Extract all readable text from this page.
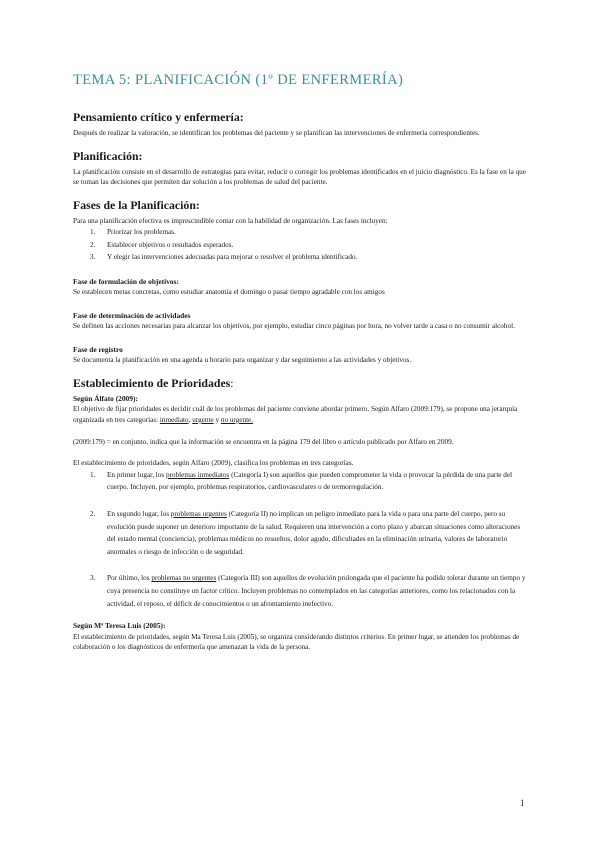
TEMA 5: PLANIFICACIÓN (1º DE ENFERMERÍA)
Pensamiento crítico y enfermería:

Después de realizar la valoración, se identifican los problemas del paciente y se planifican las intervenciones de enfermería correspondientes.

Planificación:

La planificación consiste en el desarrollo de estrategias para evitar, reducir o corregir los problemas identificados en el juicio diagnóstico. Es la fase en la que se toman las decisiones que permiten dar solución a los problemas de salud del paciente.

Fases de la Planificación:

Para una planificación efectiva es imprescindible contar con la habilidad de organización. Las fases incluyen:

1. Priorizar los problemas.
2. Establecer objetivos o resultados esperados.
3. Y elegir las intervenciones adecuadas para mejorar o resolver el problema identificado.

Fase de formulación de objetivos:

Se establecen metas concretas, como estudiar anatomía el domingo o pasar tiempo agradable con los amigos

Fase de determinación de actividades

Se definen las acciones necesarias para alcanzar los objetivos, por ejemplo, estudiar cinco páginas por hora, no volver tarde a casa o no consumir alcohol.

Fase de registro

Se documenta la planificación en una agenda u horario para organizar y dar seguimiento a las actividades y objetivos.

Establecimiento de Prioridades:

Según Álfato (2009):

El objetivo de fijar prioridades es decidir cuál de los problemas del paciente conviene abordar primero. Según Alfaro (2009:179), se propone una jerarquía organizada en tres categorías: inmediato, urgente y no urgente.

(2009:179) = en conjunto, indica que la información se encuentra en la página 179 del libro o artículo publicado por Alfaro en 2009.

El establecimiento de prioridades, según Alfaro (2009), clasifica los problemas en tres categorías.

1. En primer lugar, los problemas inmediatos (Categoría I) son aquellos que pueden comprometer la vida o provocar la pérdida de una parte del cuerpo. Incluyen, por ejemplo, problemas respiratorios, cardiovasculares o de termorregulación.
2. En segundo lugar, los problemas urgentes (Categoría II) no implican un peligro inmediato para la vida o para una parte del cuerpo, pero su evolución puede suponer un deterioro importante de la salud. Requieren una intervención a corto plazo y abarcan situaciones como alteraciones del estado mental (conciencia), problemas médicos no resueltos, dolor agudo, dificultades en la eliminación urinaria, valores de laboratorio anormales o riesgo de infección o de seguridad.
3. Por último, los problemas no urgentes (Categoría III) son aquellos de evolución prolongada que el paciente ha podido tolerar durante un tiempo y cuya presencia no constituye un factor crítico. Incluyen problemas no contemplados en las categorías anteriores, como los relacionados con la actividad, el reposo, el déficit de conocimientos o un afrontamiento inefectivo.

Según Mª Teresa Luis (2005):

El establecimiento de prioridades, según Ma Teresa Luis (2005), se organiza considerando distintos criterios. En primer lugar, se atienden los problemas de colaboración o los diagnósticos de enfermería que amenazan la vida de la persona.

1
